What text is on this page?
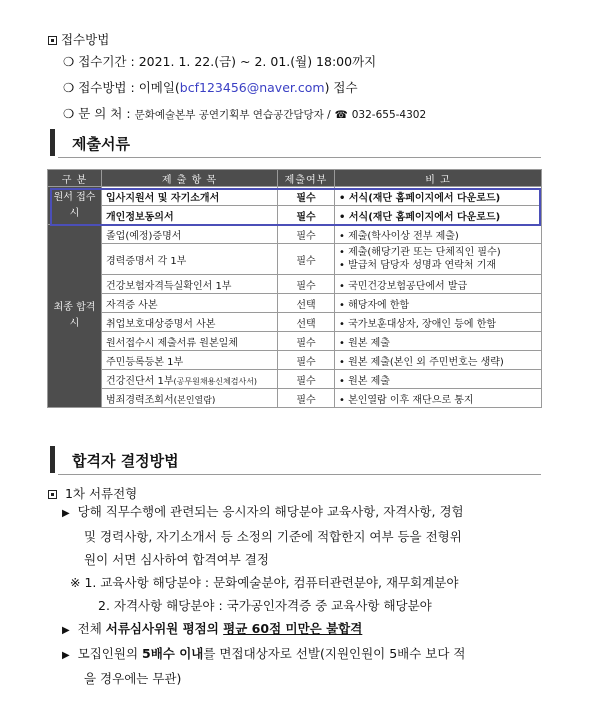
접수방법
❍ 접수기간 : 2021. 1. 22.(금) ~ 2. 01.(월) 18:00까지
❍ 접수방법 : 이메일(bcf123456@naver.com) 접수
❍ 문 의 처 : 문화예술본부 공연기획부 연습공간담당자 / ☎ 032-655-4302
제출서류
구 분	제 출 항 목	제출여부	비 고
원서 접수시	입사지원서 및 자기소개서	필수	• 서식(재단 홈페이지에서 다운로드)
	개인정보동의서	필수	• 서식(재단 홈페이지에서 다운로드)
최종 합격시	졸업(예정)증명서	필수	• 제출(학사이상 전부 제출)
	경력증명서 각 1부	필수	• 제출(해당기관 또는 단체직인 필수)
• 발급처 담당자 성명과 연락처 기재
	건강보험자격득실확인서 1부	필수	• 국민건강보험공단에서 발급
	자격증 사본	선택	• 해당자에 한함
	취업보호대상증명서 사본	선택	• 국가보훈대상자, 장애인 등에 한함
	원서접수시 제출서류 원본일체	필수	• 원본 제출
	주민등록등본 1부	필수	• 원본 제출(본인 외 주민번호는 생략)
	건강진단서 1부(공무원채용신체검사서)	필수	• 원본 제출
	범죄경력조회서(본인열람)	필수	• 본인열람 이후 재단으로 통지
합격자 결정방법
1차 서류전형
▶ 당해 직무수행에 관련되는 응시자의 해당분야 교육사항, 자격사항, 경험
및 경력사항, 자기소개서 등 소정의 기준에 적합한지 여부 등을 전형위
원이 서면 심사하여 합격여부 결정
※ 1. 교육사항 해당분야 : 문화예술분야, 컴퓨터관련분야, 재무회계분야
2. 자격사항 해당분야 : 국가공인자격증 중 교육사항 해당분야
▶ 전체 서류심사위원 평점의 평균 60점 미만은 불합격
▶ 모집인원의 5배수 이내를 면접대상자로 선발(지원인원이 5배수 보다 적
을 경우에는 무관)
